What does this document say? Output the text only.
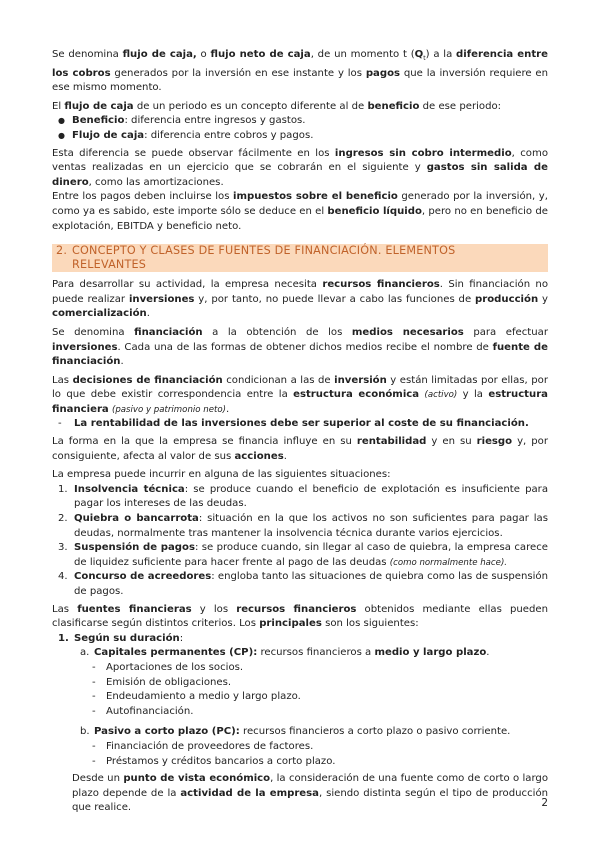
Se denomina flujo de caja, o flujo neto de caja, de un momento t $(Q_t)$ a la diferencia entre los cobros generados por la inversión en ese instante y los pagos que la inversión requiere en ese mismo momento.

El flujo de caja de un periodo es un concepto diferente al de beneficio de ese periodo:

● Beneficio: diferencia entre ingresos y gastos.
● Flujo de caja: diferencia entre cobros y pagos.

Esta diferencia se puede observar fácilmente en los ingresos sin cobro intermedio, como ventas realizadas en un ejercicio que se cobrarán en el siguiente y gastos sin salida de dinero, como las amortizaciones.

Entre los pagos deben incluirse los impuestos sobre el beneficio generado por la inversión, y, como ya es sabido, este importe sólo se deduce en el beneficio líquido, pero no en beneficio de explotación, EBITDA y beneficio neto.

2. CONCEPTO Y CLASES DE FUENTES DE FINANCIACIÓN. ELEMENTOS
RELEVANTES

Para desarrollar su actividad, la empresa necesita recursos financieros. Sin financiación no puede realizar inversiones y, por tanto, no puede llevar a cabo las funciones de producción y comercialización.

Se denomina financiación a la obtención de los medios necesarios para efectuar inversiones. Cada una de las formas de obtener dichos medios recibe el nombre de fuente de financiación.

Las decisiones de financiación condicionan a las de inversión y están limitadas por ellas, por lo que debe existir correspondencia entre la estructura económica (activo) y la estructura financiera (pasivo y patrimonio neto).

- La rentabilidad de las inversiones debe ser superior al coste de su financiación.

La forma en la que la empresa se financia influye en su rentabilidad y en su riesgo y, por consiguiente, afecta al valor de sus acciones.

La empresa puede incurrir en alguna de las siguientes situaciones:

1. Insolvencia técnica: se produce cuando el beneficio de explotación es insuficiente para pagar los intereses de las deudas.
2. Quiebra o bancarrota: situación en la que los activos no son suficientes para pagar las deudas, normalmente tras mantener la insolvencia técnica durante varios ejercicios.
3. Suspensión de pagos: se produce cuando, sin llegar al caso de quiebra, la empresa carece de liquidez suficiente para hacer frente al pago de las deudas (como normalmente hace).
4. Concurso de acreedores: engloba tanto las situaciones de quiebra como las de suspensión de pagos.

Las fuentes financieras y los recursos financieros obtenidos mediante ellas pueden clasificarse según distintos criterios. Los principales son los siguientes:

1. Según su duración:
a. Capitales permanentes (CP): recursos financieros a medio y largo plazo.
- Aportaciones de los socios.
- Emisión de obligaciones.
- Endeudamiento a medio y largo plazo.
- Autofinanciación.
b. Pasivo a corto plazo (PC): recursos financieros a corto plazo o pasivo corriente.
- Financiación de proveedores de factores.
- Préstamos y créditos bancarios a corto plazo.

Desde un punto de vista económico, la consideración de una fuente como de corto o largo plazo depende de la actividad de la empresa, siendo distinta según el tipo de producción que realice.	2
